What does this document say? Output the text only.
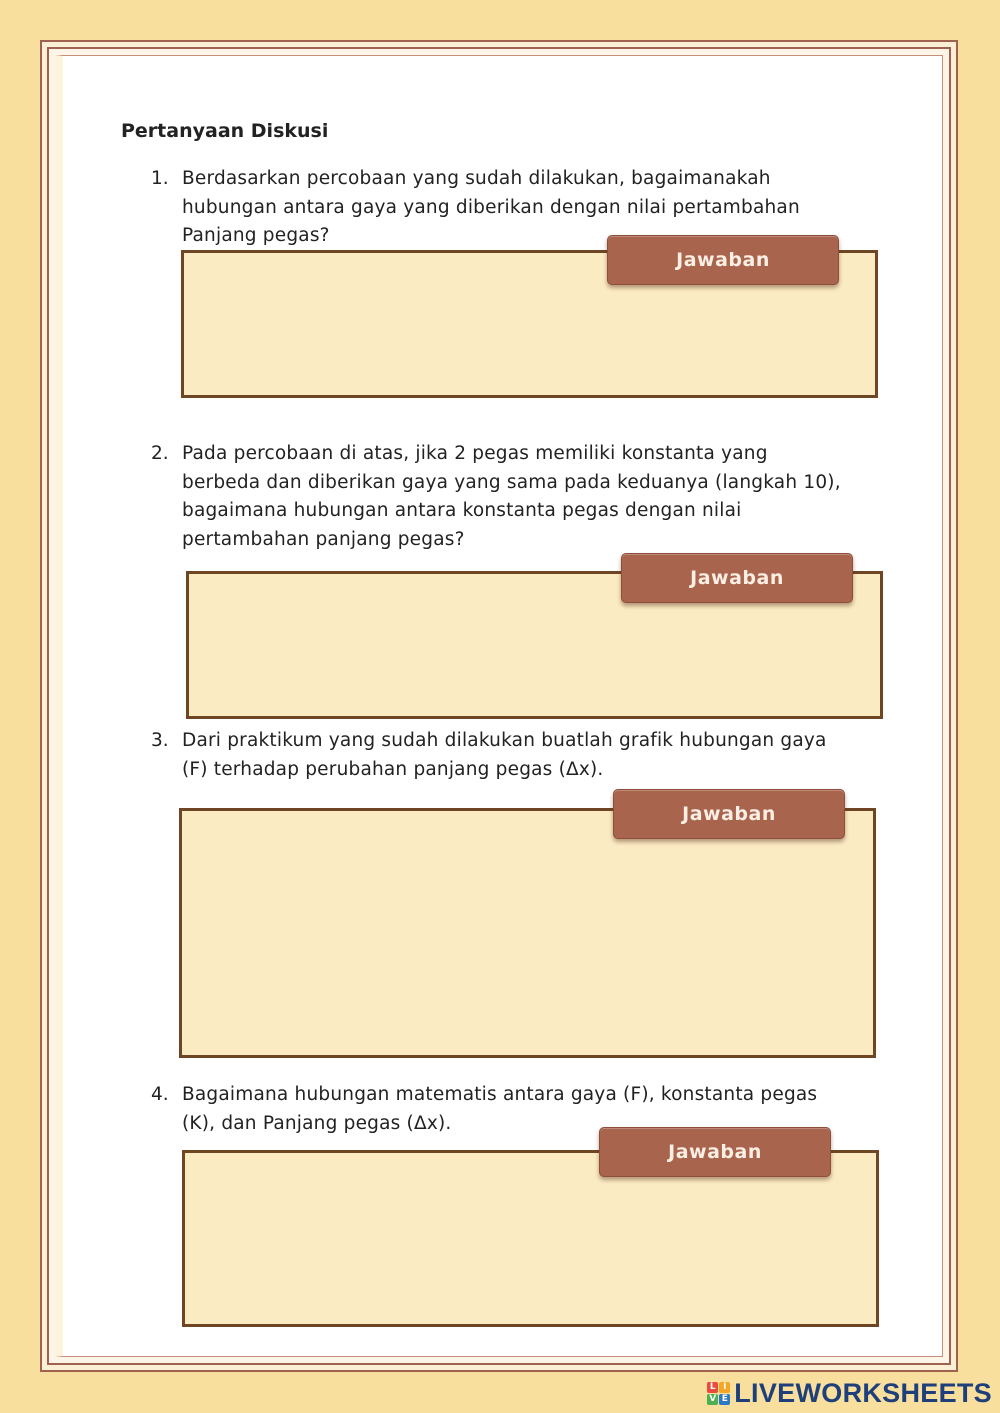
Pertanyaan Diskusi
1. Berdasarkan percobaan yang sudah dilakukan, bagaimanakah
hubungan antara gaya yang diberikan dengan nilai pertambahan
Panjang pegas?
Jawaban
2. Pada percobaan di atas, jika 2 pegas memiliki konstanta yang
berbeda dan diberikan gaya yang sama pada keduanya (langkah 10),
bagaimana hubungan antara konstanta pegas dengan nilai
pertambahan panjang pegas?
Jawaban
3. Dari praktikum yang sudah dilakukan buatlah grafik hubungan gaya
(F) terhadap perubahan panjang pegas (Δx).
Jawaban
4. Bagaimana hubungan matematis antara gaya (F), konstanta pegas
(K), dan Panjang pegas (Δx).
Jawaban
L I
V E LIVEWORKSHEETS
